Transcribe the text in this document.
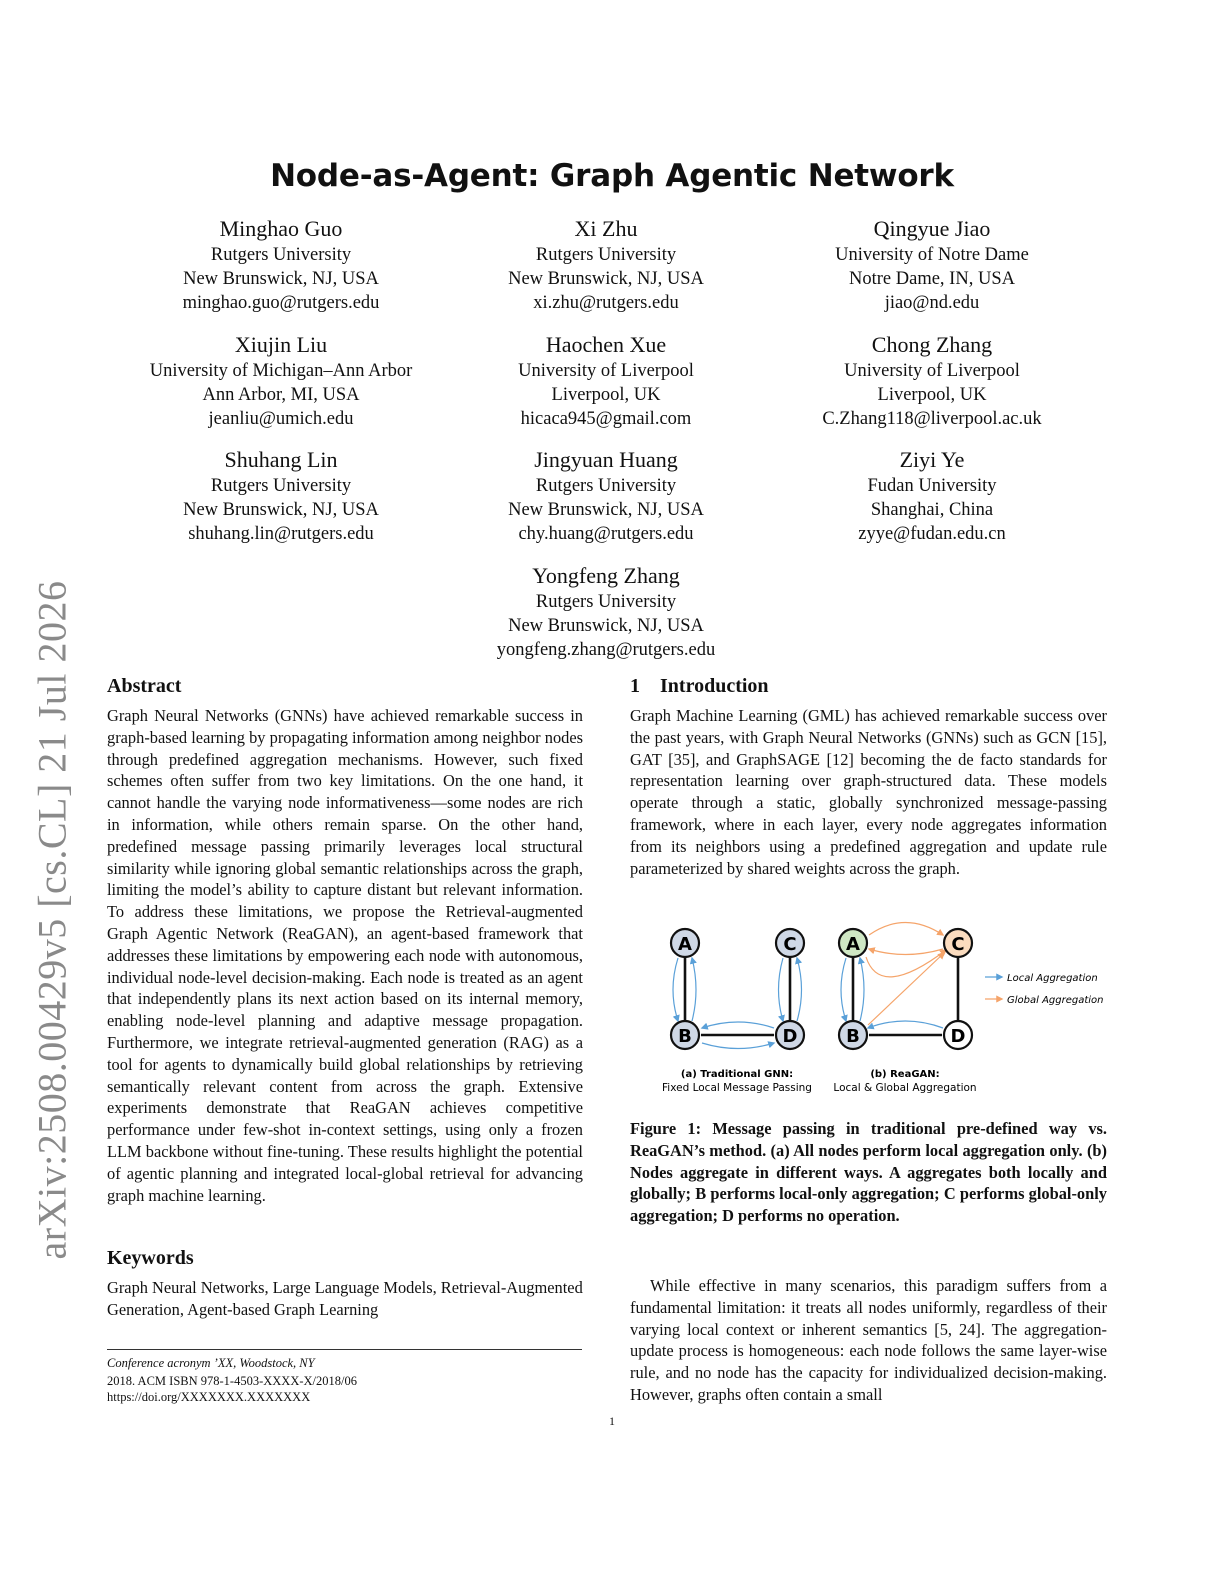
arXiv:2508.00429v5 [cs.CL] 21 Jul 2026
Node-as-Agent: Graph Agentic Network
Minghao Guo
Rutgers University
New Brunswick, NJ, USA
minghao.guo@rutgers.edu
Xi Zhu
Rutgers University
New Brunswick, NJ, USA
xi.zhu@rutgers.edu
Qingyue Jiao
University of Notre Dame
Notre Dame, IN, USA
jiao@nd.edu
Xiujin Liu
University of Michigan–Ann Arbor
Ann Arbor, MI, USA
jeanliu@umich.edu
Haochen Xue
University of Liverpool
Liverpool, UK
hicaca945@gmail.com
Chong Zhang
University of Liverpool
Liverpool, UK
C.Zhang118@liverpool.ac.uk
Shuhang Lin
Rutgers University
New Brunswick, NJ, USA
shuhang.lin@rutgers.edu
Jingyuan Huang
Rutgers University
New Brunswick, NJ, USA
chy.huang@rutgers.edu
Ziyi Ye
Fudan University
Shanghai, China
zyye@fudan.edu.cn
Yongfeng Zhang
Rutgers University
New Brunswick, NJ, USA
yongfeng.zhang@rutgers.edu
Abstract
Graph Neural Networks (GNNs) have achieved remarkable success in graph-based learning by propagating information among neighbor nodes through predefined aggregation mechanisms. However, such fixed schemes often suffer from two key limitations. On the one hand, it cannot handle the varying node informativeness—some nodes are rich in information, while others remain sparse. On the other hand, predefined message passing primarily leverages local structural similarity while ignoring global semantic relationships across the graph, limiting the model’s ability to capture distant but relevant information. To address these limitations, we propose the Retrieval-augmented Graph Agentic Network (ReaGAN), an agent-based framework that addresses these limitations by empowering each node with autonomous, individual node-level decision-making. Each node is treated as an agent that independently plans its next action based on its internal memory, enabling node-level planning and adaptive message propagation. Furthermore, we integrate retrieval-augmented generation (RAG) as a tool for agents to dynamically build global relationships by retrieving semantically relevant content from across the graph. Extensive experiments demonstrate that ReaGAN achieves competitive performance under few-shot in-context settings, using only a frozen LLM backbone without fine-tuning. These results highlight the potential of agentic planning and integrated local-global retrieval for advancing graph machine learning.
Keywords
Graph Neural Networks, Large Language Models, Retrieval-Augmented Generation, Agent-based Graph Learning
Conference acronym ’XX, Woodstock, NY
2018. ACM ISBN 978-1-4503-XXXX-X/2018/06
https://doi.org/XXXXXXX.XXXXXXX
1    Introduction
Graph Machine Learning (GML) has achieved remarkable success over the past years, with Graph Neural Networks (GNNs) such as GCN [15], GAT [35], and GraphSAGE [12] becoming the de facto standards for representation learning over graph-structured data. These models operate through a static, globally synchronized message-passing framework, where in each layer, every node aggregates information from its neighbors using a predefined aggregation and update rule parameterized by shared weights across the graph.
A	C
B	D
A	C
B	D
Local Aggregation
Global Aggregation
(a) Traditional GNN:
Fixed Local Message Passing
(b) ReaGAN:
Local & Global Aggregation
Figure 1: Message passing in traditional pre-defined way vs. ReaGAN’s method. (a) All nodes perform local aggregation only. (b) Nodes aggregate in different ways. A aggregates both locally and globally; B performs local-only aggregation; C performs global-only aggregation; D performs no operation.
While effective in many scenarios, this paradigm suffers from a fundamental limitation: it treats all nodes uniformly, regardless of their varying local context or inherent semantics [5, 24]. The aggregation-update process is homogeneous: each node follows the same layer-wise rule, and no node has the capacity for individualized decision-making. However, graphs often contain a small
1
